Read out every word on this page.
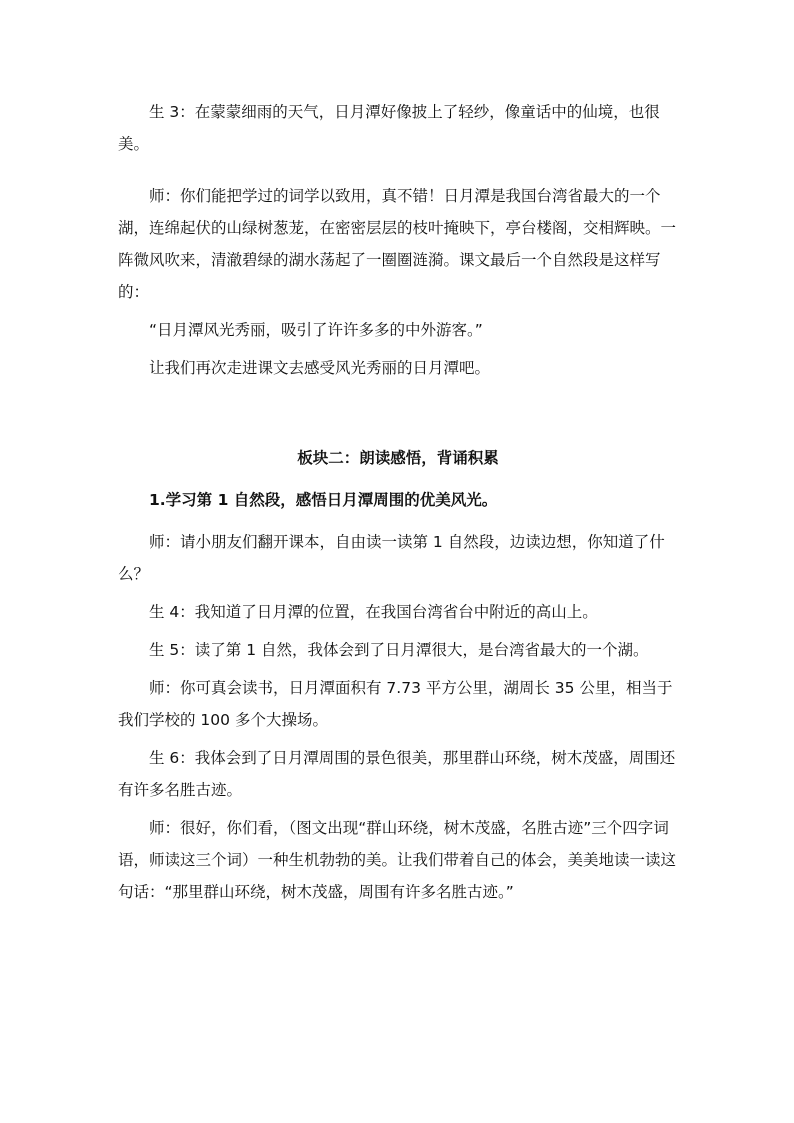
生 3：在蒙蒙细雨的天气，日月潭好像披上了轻纱，像童话中的仙境，也很美。

师：你们能把学过的词学以致用，真不错！日月潭是我国台湾省最大的一个湖，连绵起伏的山绿树葱茏，在密密层层的枝叶掩映下，亭台楼阁，交相辉映。一阵微风吹来，清澈碧绿的湖水荡起了一圈圈涟漪。课文最后一个自然段是这样写的：

“日月潭风光秀丽，吸引了许许多多的中外游客。”

让我们再次走进课文去感受风光秀丽的日月潭吧。

板块二：朗读感悟，背诵积累

1.学习第 1 自然段，感悟日月潭周围的优美风光。

师：请小朋友们翻开课本，自由读一读第 1 自然段，边读边想，你知道了什么？

生 4：我知道了日月潭的位置，在我国台湾省台中附近的高山上。

生 5：读了第 1 自然，我体会到了日月潭很大，是台湾省最大的一个湖。

师：你可真会读书，日月潭面积有 7.73 平方公里，湖周长 35 公里，相当于我们学校的 100 多个大操场。

生 6：我体会到了日月潭周围的景色很美，那里群山环绕，树木茂盛，周围还有许多名胜古迹。

师：很好，你们看，（图文出现“群山环绕，树木茂盛，名胜古迹”三个四字词语，师读这三个词）一种生机勃勃的美。让我们带着自己的体会，美美地读一读这句话：“那里群山环绕，树木茂盛，周围有许多名胜古迹。”
